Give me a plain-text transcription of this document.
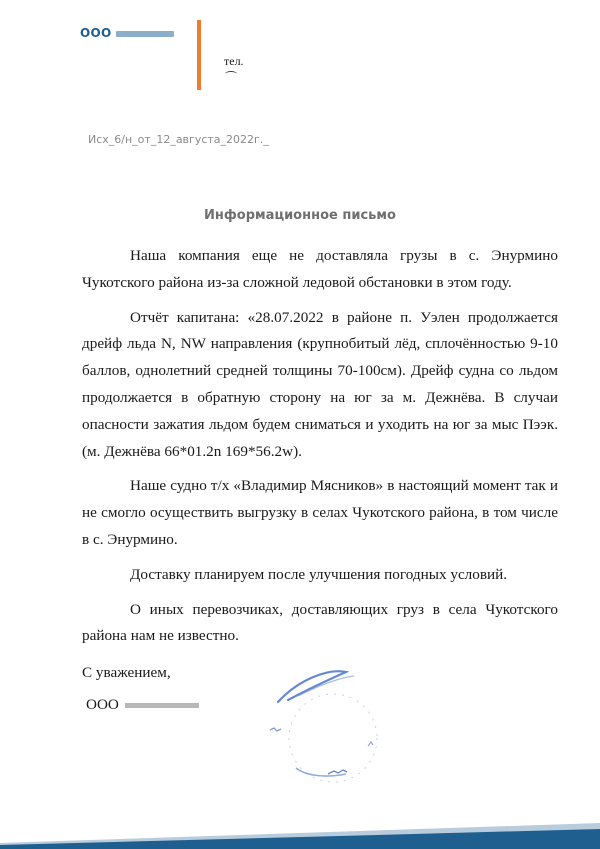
ООО
тел.
Исх_6/н_от_12_августа_2022г._
Информационное письмо

Наша компания еще не доставляла грузы в с. Энурмино Чукотского района из-за сложной ледовой обстановки в этом году.

Отчёт капитана: «28.07.2022 в районе п. Уэлен продолжается дрейф льда N, NW направления (крупнобитый лёд, сплочённостью 9-10 баллов, однолетний средней толщины 70-100см). Дрейф судна со льдом продолжается в обратную сторону на юг за м. Дежнёва. В случаи опасности зажатия льдом будем сниматься и уходить на юг за мыс Пээк. (м. Дежнёва 66*01.2n 169*56.2w).

Наше судно т/х «Владимир Мясников» в настоящий момент так и не смогло осуществить выгрузку в селах Чукотского района, в том числе в с. Энурмино.

Доставку планируем после улучшения погодных условий.

О иных перевозчиках, доставляющих груз в села Чукотского района нам не известно.

С уважением,
ООО
